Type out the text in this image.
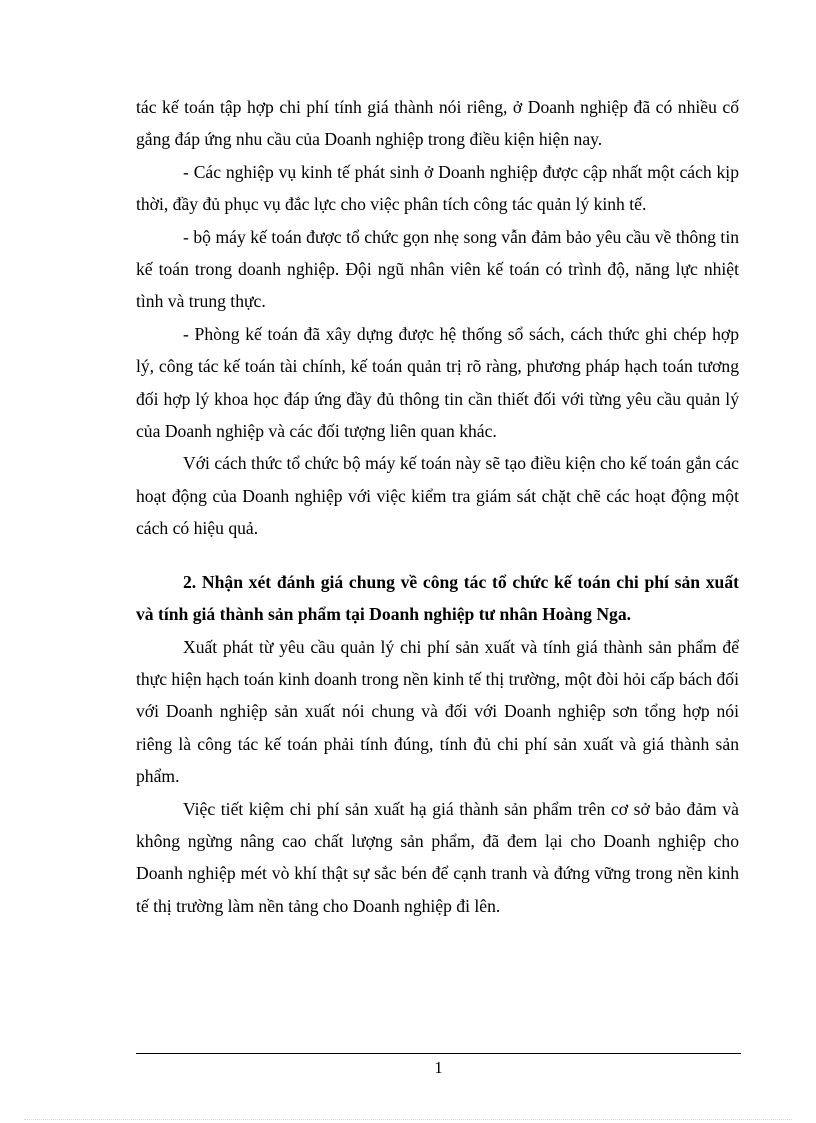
tác kế toán tập hợp chi phí tính giá thành nói riêng, ở Doanh nghiệp đã có nhiều cố gắng đáp ứng nhu cầu của Doanh nghiệp trong điều kiện hiện nay.

- Các nghiệp vụ kinh tế phát sinh ở Doanh nghiệp được cập nhất một cách kịp thời, đầy đủ phục vụ đắc lực cho việc phân tích công tác quản lý kinh tế.

- bộ máy kế toán được tổ chức gọn nhẹ song vẫn đảm bảo yêu cầu về thông tin kế toán trong doanh nghiệp. Đội ngũ nhân viên kế toán có trình độ, năng lực nhiệt tình và trung thực.

- Phòng kế toán đã xây dựng được hệ thống sổ sách, cách thức ghi chép hợp lý, công tác kế toán tài chính, kế toán quản trị rõ ràng, phương pháp hạch toán tương đối hợp lý khoa học đáp ứng đầy đủ thông tin cần thiết đối với từng yêu cầu quản lý của Doanh nghiệp và các đối tượng liên quan khác.

Với cách thức tổ chức bộ máy kế toán này sẽ tạo điều kiện cho kế toán gắn các hoạt động của Doanh nghiệp với việc kiểm tra giám sát chặt chẽ các hoạt động một cách có hiệu quả.

2. Nhận xét đánh giá chung về công tác tổ chức kế toán chi phí sản xuất và tính giá thành sản phẩm tại Doanh nghiệp tư nhân Hoàng Nga.

Xuất phát từ yêu cầu quản lý chi phí sản xuất và tính giá thành sản phẩm để thực hiện hạch toán kinh doanh trong nền kinh tế thị trường, một đòi hỏi cấp bách đối với Doanh nghiệp sản xuất nói chung và đối với Doanh nghiệp sơn tổng hợp nói riêng là công tác kế toán phải tính đúng, tính đủ chi phí sản xuất và giá thành sản phẩm.

Việc tiết kiệm chi phí sản xuất hạ giá thành sản phẩm trên cơ sở bảo đảm và không ngừng nâng cao chất lượng sản phẩm, đã đem lại cho Doanh nghiệp cho Doanh nghiệp mét vò khí thật sự sắc bén để cạnh tranh và đứng vững trong nền kinh tế thị trường làm nền tảng cho Doanh nghiệp đi lên.

1
